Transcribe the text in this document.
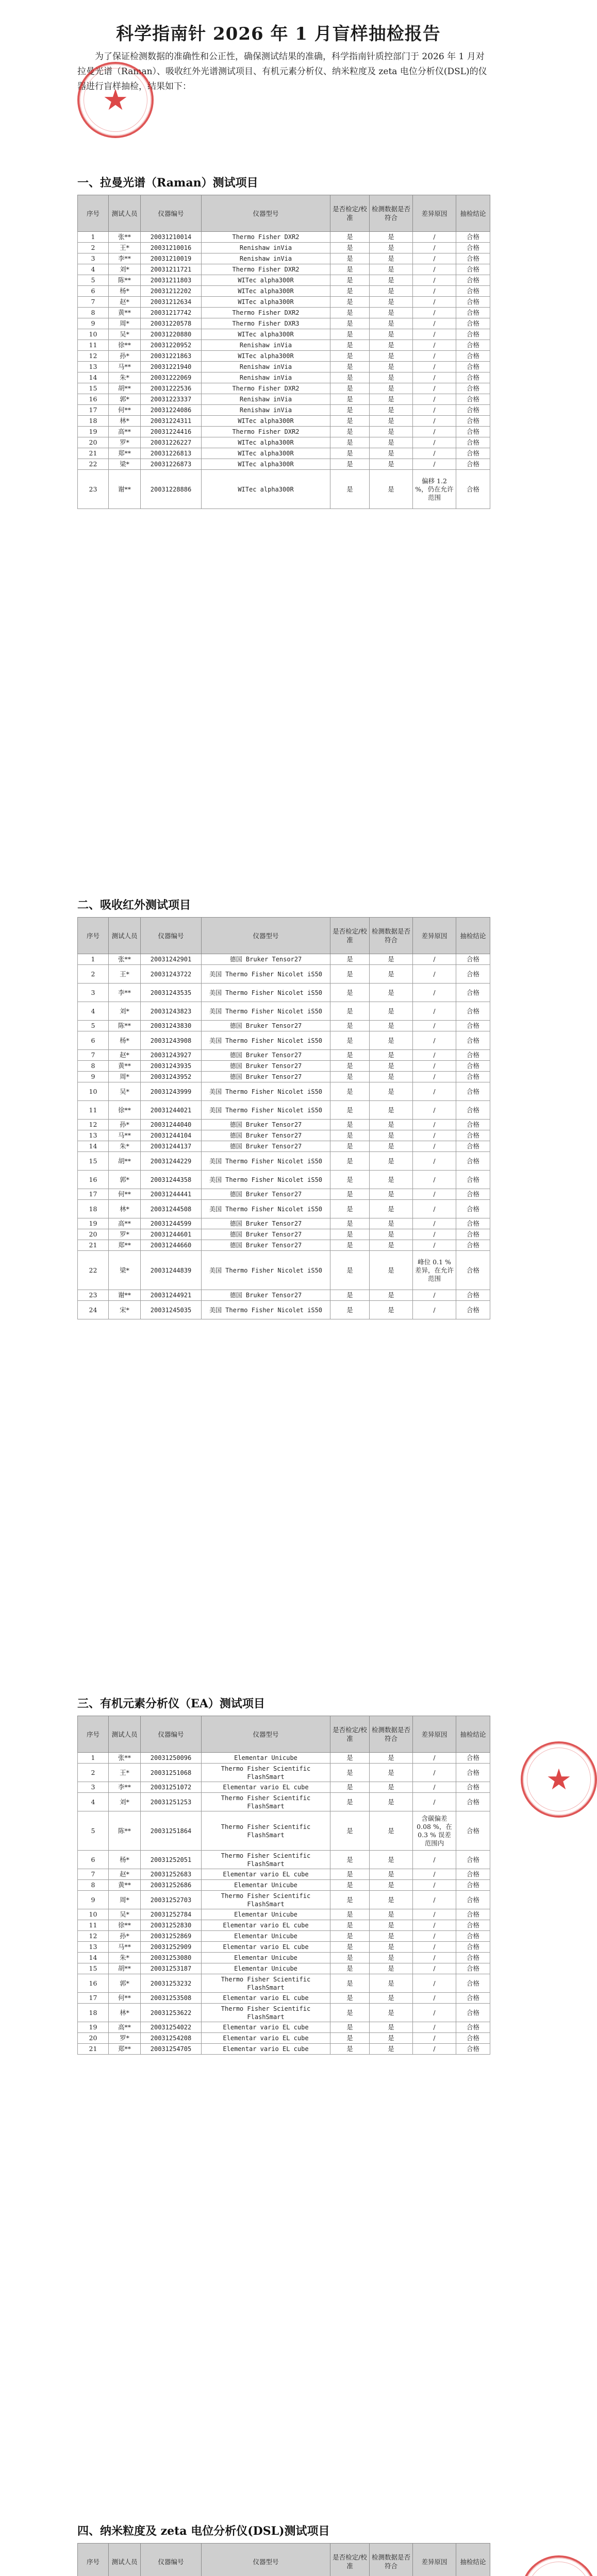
科学指南针 2026 年 1 月盲样抽检报告
为了保证检测数据的准确性和公正性，确保测试结果的准确，科学指南针质控部门于 2026 年 1 月对拉曼光谱（Raman）、吸收红外光谱测试项目、有机元素分析仪、纳米粒度及 zeta 电位分析仪(DSL)的仪器进行盲样抽检，结果如下：
一、拉曼光谱（Raman）测试项目
序号	测试人员	仪器编号	仪器型号	是否检定/校准	检测数据是否符合	差异原因	抽检结论
1	张**	20031210014	Thermo Fisher DXR2	是	是	/	合格
2	王*	20031210016	Renishaw inVia	是	是	/	合格
3	李**	20031210019	Renishaw inVia	是	是	/	合格
4	刘*	20031211721	Thermo Fisher DXR2	是	是	/	合格
5	陈**	20031211803	WITec alpha300R	是	是	/	合格
6	杨*	20031212202	WITec alpha300R	是	是	/	合格
7	赵*	20031212634	WITec alpha300R	是	是	/	合格
8	黄**	20031217742	Thermo Fisher DXR2	是	是	/	合格
9	周*	20031220578	Thermo Fisher DXR3	是	是	/	合格
10	吴*	20031220880	WITec alpha300R	是	是	/	合格
11	徐**	20031220952	Renishaw inVia	是	是	/	合格
12	孙*	20031221863	WITec alpha300R	是	是	/	合格
13	马**	20031221940	Renishaw inVia	是	是	/	合格
14	朱*	20031222069	Renishaw inVia	是	是	/	合格
15	胡**	20031222536	Thermo Fisher DXR2	是	是	/	合格
16	郭*	20031223337	Renishaw inVia	是	是	/	合格
17	何**	20031224086	Renishaw inVia	是	是	/	合格
18	林*	20031224311	WITec alpha300R	是	是	/	合格
19	高**	20031224416	Thermo Fisher DXR2	是	是	/	合格
20	罗*	20031226227	WITec alpha300R	是	是	/	合格
21	郑**	20031226813	WITec alpha300R	是	是	/	合格
22	梁*	20031226873	WITec alpha300R	是	是	/	合格
23	谢**	20031228886	WITec alpha300R	是	是	偏移 1.2 %，仍在允许范围	合格
二、吸收红外测试项目
序号	测试人员	仪器编号	仪器型号	是否检定/校准	检测数据是否符合	差异原因	抽检结论
1	张**	20031242901	德国 Bruker Tensor27	是	是	/	合格
2	王*	20031243722	美国 Thermo Fisher Nicolet iS50	是	是	/	合格
3	李**	20031243535	美国 Thermo Fisher Nicolet iS50	是	是	/	合格
4	刘*	20031243823	美国 Thermo Fisher Nicolet iS50	是	是	/	合格
5	陈**	20031243830	德国 Bruker Tensor27	是	是	/	合格
6	杨*	20031243908	美国 Thermo Fisher Nicolet iS50	是	是	/	合格
7	赵*	20031243927	德国 Bruker Tensor27	是	是	/	合格
8	黄**	20031243935	德国 Bruker Tensor27	是	是	/	合格
9	周*	20031243952	德国 Bruker Tensor27	是	是	/	合格
10	吴*	20031243999	美国 Thermo Fisher Nicolet iS50	是	是	/	合格
11	徐**	20031244021	美国 Thermo Fisher Nicolet iS50	是	是	/	合格
12	孙*	20031244040	德国 Bruker Tensor27	是	是	/	合格
13	马**	20031244104	德国 Bruker Tensor27	是	是	/	合格
14	朱*	20031244137	德国 Bruker Tensor27	是	是	/	合格
15	胡**	20031244229	美国 Thermo Fisher Nicolet iS50	是	是	/	合格
16	郭*	20031244358	美国 Thermo Fisher Nicolet iS50	是	是	/	合格
17	何**	20031244441	德国 Bruker Tensor27	是	是	/	合格
18	林*	20031244508	美国 Thermo Fisher Nicolet iS50	是	是	/	合格
19	高**	20031244599	德国 Bruker Tensor27	是	是	/	合格
20	罗*	20031244601	德国 Bruker Tensor27	是	是	/	合格
21	郑**	20031244660	德国 Bruker Tensor27	是	是	/	合格
22	梁*	20031244839	美国 Thermo Fisher Nicolet iS50	是	是	峰位 0.1 % 差异，在允许范围	合格
23	谢**	20031244921	德国 Bruker Tensor27	是	是	/	合格
24	宋*	20031245035	美国 Thermo Fisher Nicolet iS50	是	是	/	合格
三、有机元素分析仪（EA）测试项目
序号	测试人员	仪器编号	仪器型号	是否检定/校准	检测数据是否符合	差异原因	抽检结论
1	张**	20031250096	Elementar Unicube	是	是	/	合格
2	王*	20031251068	Thermo Fisher Scientific FlashSmart	是	是	/	合格
3	李**	20031251072	Elementar vario EL cube	是	是	/	合格
4	刘*	20031251253	Thermo Fisher Scientific FlashSmart	是	是	/	合格
5	陈**	20031251864	Thermo Fisher Scientific FlashSmart	是	是	含碳偏差 0.08 %，在 0.3 % 误差范围内	合格
6	杨*	20031252051	Thermo Fisher Scientific FlashSmart	是	是	/	合格
7	赵*	20031252683	Elementar vario EL cube	是	是	/	合格
8	黄**	20031252686	Elementar Unicube	是	是	/	合格
9	周*	20031252703	Thermo Fisher Scientific FlashSmart	是	是	/	合格
10	吴*	20031252784	Elementar Unicube	是	是	/	合格
11	徐**	20031252830	Elementar vario EL cube	是	是	/	合格
12	孙*	20031252869	Elementar Unicube	是	是	/	合格
13	马**	20031252909	Elementar vario EL cube	是	是	/	合格
14	朱*	20031253080	Elementar Unicube	是	是	/	合格
15	胡**	20031253187	Elementar Unicube	是	是	/	合格
16	郭*	20031253232	Thermo Fisher Scientific FlashSmart	是	是	/	合格
17	何**	20031253508	Elementar vario EL cube	是	是	/	合格
18	林*	20031253622	Thermo Fisher Scientific FlashSmart	是	是	/	合格
19	高**	20031254022	Elementar vario EL cube	是	是	/	合格
20	罗*	20031254208	Elementar vario EL cube	是	是	/	合格
21	郑**	20031254705	Elementar vario EL cube	是	是	/	合格
四、纳米粒度及 zeta 电位分析仪(DSL)测试项目
序号	测试人员	仪器编号	仪器型号	是否检定/校准	检测数据是否符合	差异原因	抽检结论

★
★
